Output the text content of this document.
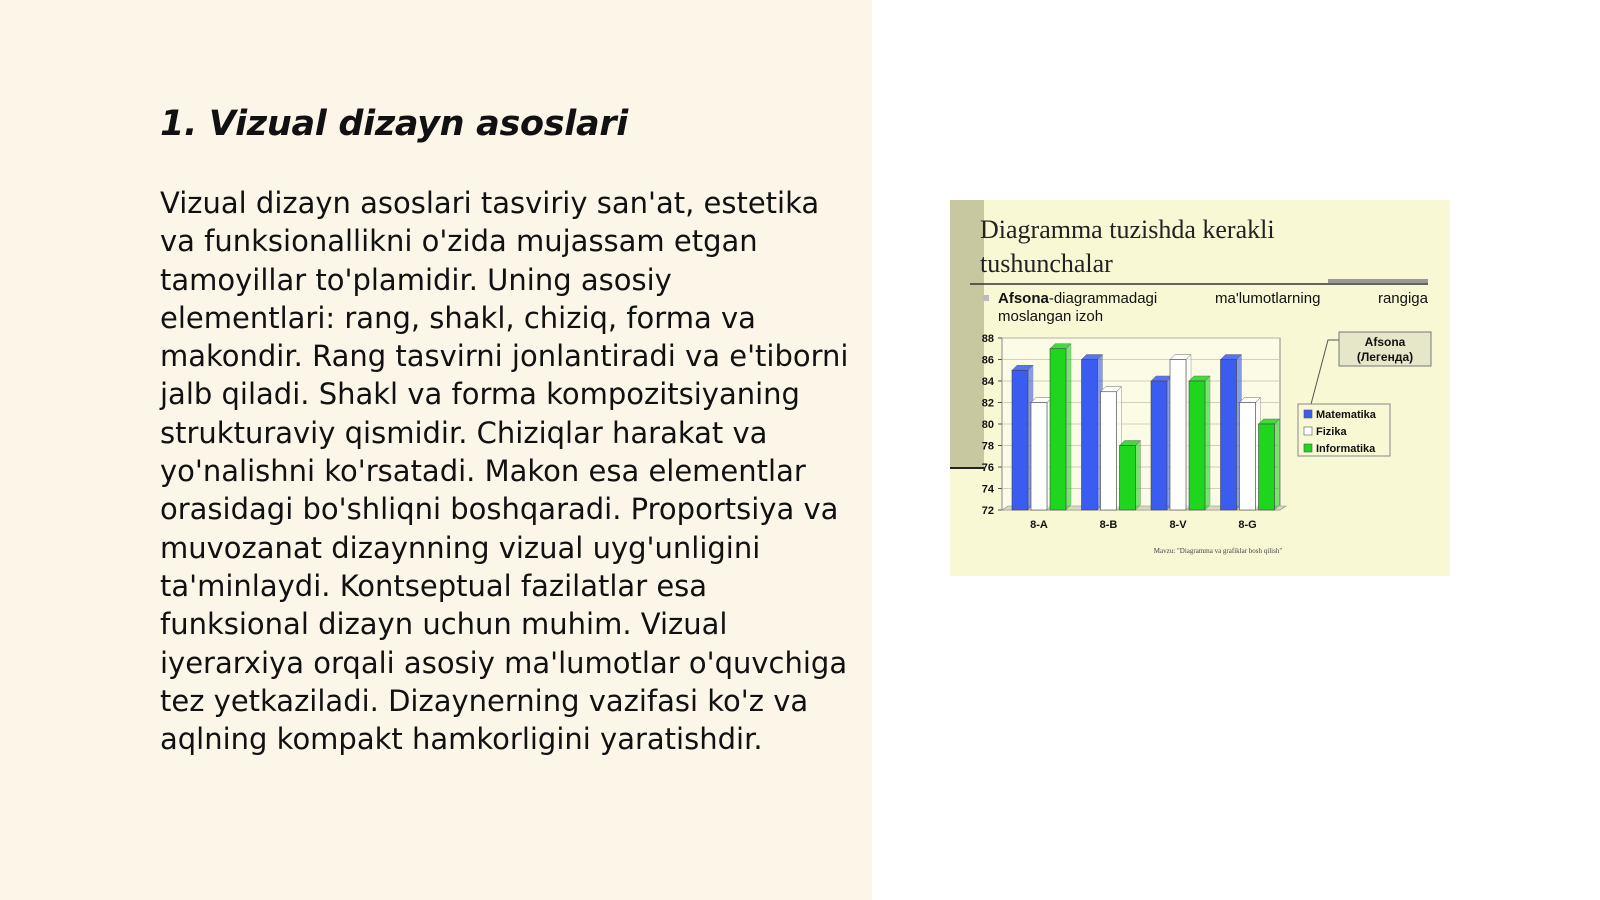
1. Vizual dizayn asoslari

Vizual dizayn asoslari tasviriy san'at, estetika va funksionallikni o'zida mujassam etgan tamoyillar to'plamidir. Uning asosiy elementlari: rang, shakl, chiziq, forma va makondir. Rang tasvirni jonlantiradi va e'tiborni jalb qiladi. Shakl va forma kompozitsiyaning strukturaviy qismidir. Chiziqlar harakat va yo'nalishni ko'rsatadi. Makon esa elementlar orasidagi bo'shliqni boshqaradi. Proportsiya va muvozanat dizaynning vizual uyg'unligini ta'minlaydi. Kontseptual fazilatlar esa funksional dizayn uchun muhim. Vizual iyerarxiya orqali asosiy ma'lumotlar o'quvchiga tez yetkaziladi. Dizaynerning vazifasi ko'z va aqlning kompakt hamkorligini yaratishdir.

Diagramma tuzishda kerakli
tushunchalar
Afsona-diagrammadagi	ma'lumotlarning	rangiga
moslangan izoh
88
86
84
82
80
78
76
74
72
8-A	8-B	8-V	8-G
Afsona
(Легенда)
Matematika
Fizika
Informatika
Mavzu: "Diagramma va grafiklar bosh qilish"
